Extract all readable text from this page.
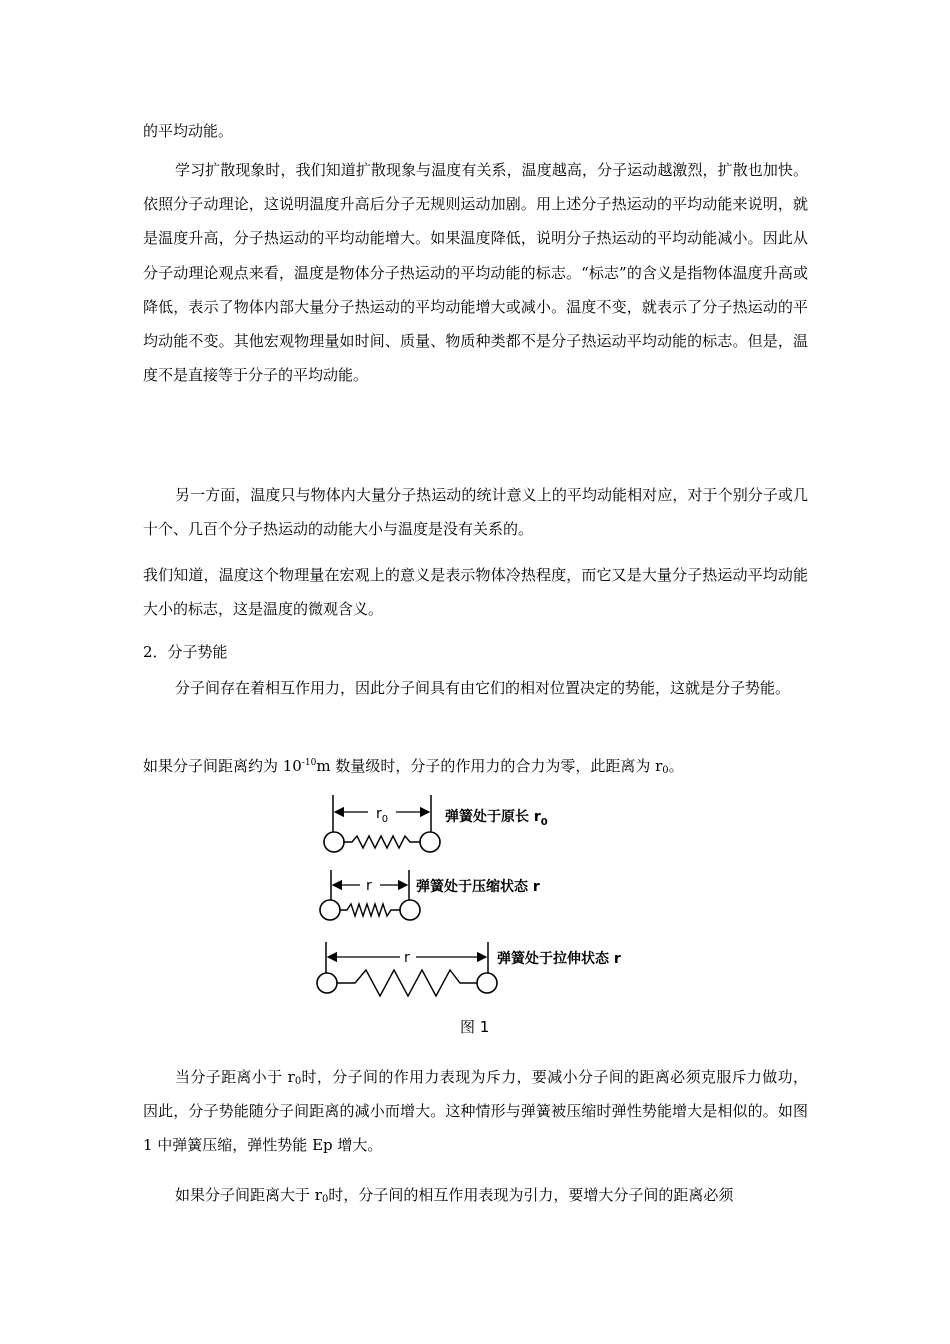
的平均动能。

学习扩散现象时，我们知道扩散现象与温度有关系，温度越高，分子运动越激烈，扩散也加快。依照分子动理论，这说明温度升高后分子无规则运动加剧。用上述分子热运动的平均动能来说明，就是温度升高，分子热运动的平均动能增大。如果温度降低，说明分子热运动的平均动能减小。因此从分子动理论观点来看，温度是物体分子热运动的平均动能的标志。“标志”的含义是指物体温度升高或降低，表示了物体内部大量分子热运动的平均动能增大或减小。温度不变，就表示了分子热运动的平均动能不变。其他宏观物理量如时间、质量、物质种类都不是分子热运动平均动能的标志。但是，温度不是直接等于分子的平均动能。

另一方面，温度只与物体内大量分子热运动的统计意义上的平均动能相对应，对于个别分子或几十个、几百个分子热运动的动能大小与温度是没有关系的。

我们知道，温度这个物理量在宏观上的意义是表示物体冷热程度，而它又是大量分子热运动平均动能大小的标志，这是温度的微观含义。

2．分子势能

分子间存在着相互作用力，因此分子间具有由它们的相对位置决定的势能，这就是分子势能。

如果分子间距离约为 $10^{-10}m$ 数量级时，分子的作用力的合力为零，此距离为 $r_0$。

$r_0$	弹簧处于原长 $r_0$
r	弹簧处于压缩状态 r
r	弹簧处于拉伸状态 r
图 1

当分子距离小于 $r_0$时，分子间的作用力表现为斥力，要减小分子间的距离必须克服斥力做功，因此，分子势能随分子间距离的减小而增大。这种情形与弹簧被压缩时弹性势能增大是相似的。如图 1 中弹簧压缩，弹性势能 Ep 增大。

如果分子间距离大于 $r_0$时，分子间的相互作用表现为引力，要增大分子间的距离必须
